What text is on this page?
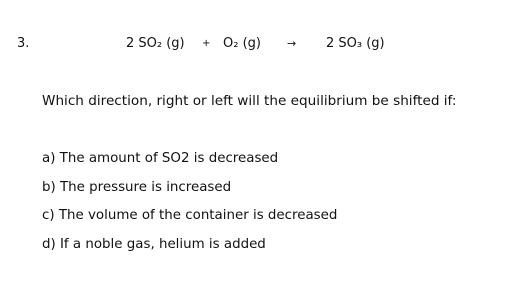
3.	2 SO₂ (g) + O₂ (g) → 2 SO₃ (g)
Which direction, right or left will the equilibrium be shifted if:
a) The amount of SO2 is decreased
b) The pressure is increased
c) The volume of the container is decreased
d) If a noble gas, helium is added
